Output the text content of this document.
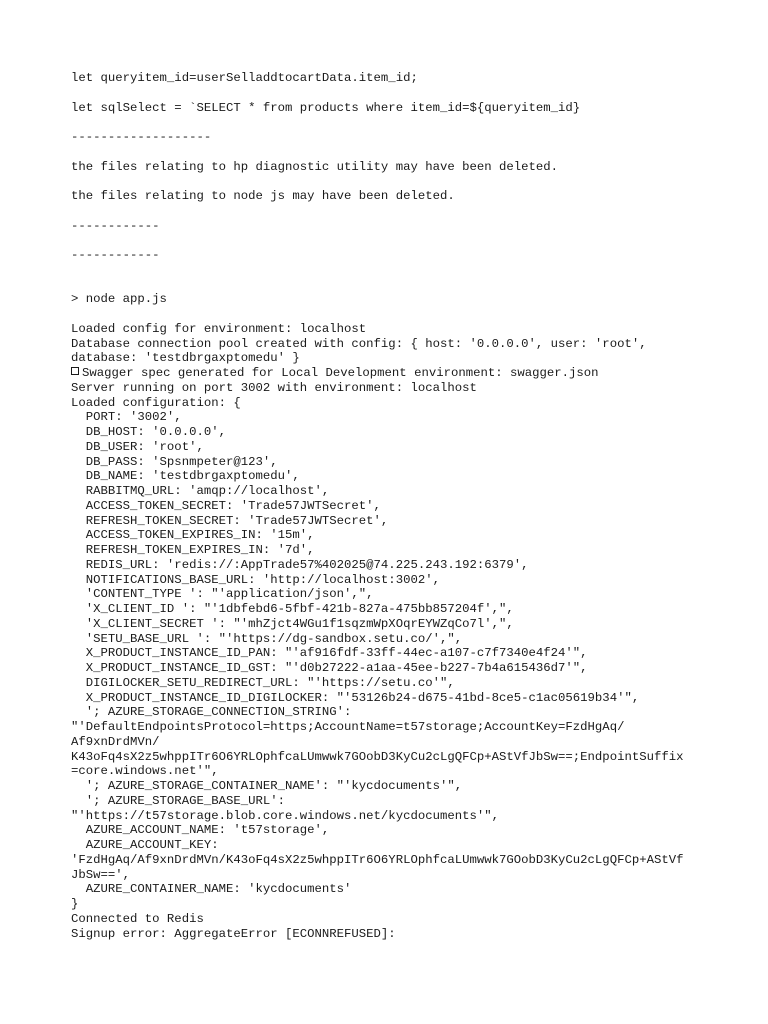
let queryitem_id=userSelladdtocartData.item_id;
let sqlSelect = `SELECT * from products where item_id=${queryitem_id}
-------------------
the files relating to hp diagnostic utility may have been deleted.
the files relating to node js may have been deleted.
------------
------------
> node app.js
Loaded config for environment: localhost
Database connection pool created with config: { host: '0.0.0.0', user: 'root',
database: 'testdbrgaxptomedu' }
Swagger spec generated for Local Development environment: swagger.json
Server running on port 3002 with environment: localhost
Loaded configuration: {
PORT: '3002',
DB_HOST: '0.0.0.0',
DB_USER: 'root',
DB_PASS: 'Spsnmpeter@123',
DB_NAME: 'testdbrgaxptomedu',
RABBITMQ_URL: 'amqp://localhost',
ACCESS_TOKEN_SECRET: 'Trade57JWTSecret',
REFRESH_TOKEN_SECRET: 'Trade57JWTSecret',
ACCESS_TOKEN_EXPIRES_IN: '15m',
REFRESH_TOKEN_EXPIRES_IN: '7d',
REDIS_URL: 'redis://:AppTrade57%402025@74.225.243.192:6379',
NOTIFICATIONS_BASE_URL: 'http://localhost:3002',
'CONTENT_TYPE ': "'application/json',",
'X_CLIENT_ID ': "'1dbfebd6-5fbf-421b-827a-475bb857204f',",
'X_CLIENT_SECRET ': "'mhZjct4WGu1f1sqzmWpXOqrEYWZqCo7l',",
'SETU_BASE_URL ': "'https://dg-sandbox.setu.co/',",
X_PRODUCT_INSTANCE_ID_PAN: "'af916fdf-33ff-44ec-a107-c7f7340e4f24'",
X_PRODUCT_INSTANCE_ID_GST: "'d0b27222-a1aa-45ee-b227-7b4a615436d7'",
DIGILOCKER_SETU_REDIRECT_URL: "'https://setu.co'",
X_PRODUCT_INSTANCE_ID_DIGILOCKER: "'53126b24-d675-41bd-8ce5-c1ac05619b34'",
'; AZURE_STORAGE_CONNECTION_STRING':
"'DefaultEndpointsProtocol=https;AccountName=t57storage;AccountKey=FzdHgAq/
Af9xnDrdMVn/
K43oFq4sX2z5whppITr6O6YRLOphfcaLUmwwk7GOobD3KyCu2cLgQFCp+AStVfJbSw==;EndpointSuffix
=core.windows.net'",
'; AZURE_STORAGE_CONTAINER_NAME': "'kycdocuments'",
'; AZURE_STORAGE_BASE_URL':
"'https://t57storage.blob.core.windows.net/kycdocuments'",
AZURE_ACCOUNT_NAME: 't57storage',
AZURE_ACCOUNT_KEY:
'FzdHgAq/Af9xnDrdMVn/K43oFq4sX2z5whppITr6O6YRLOphfcaLUmwwk7GOobD3KyCu2cLgQFCp+AStVf
JbSw==',
AZURE_CONTAINER_NAME: 'kycdocuments'
}
Connected to Redis
Signup error: AggregateError [ECONNREFUSED]:
